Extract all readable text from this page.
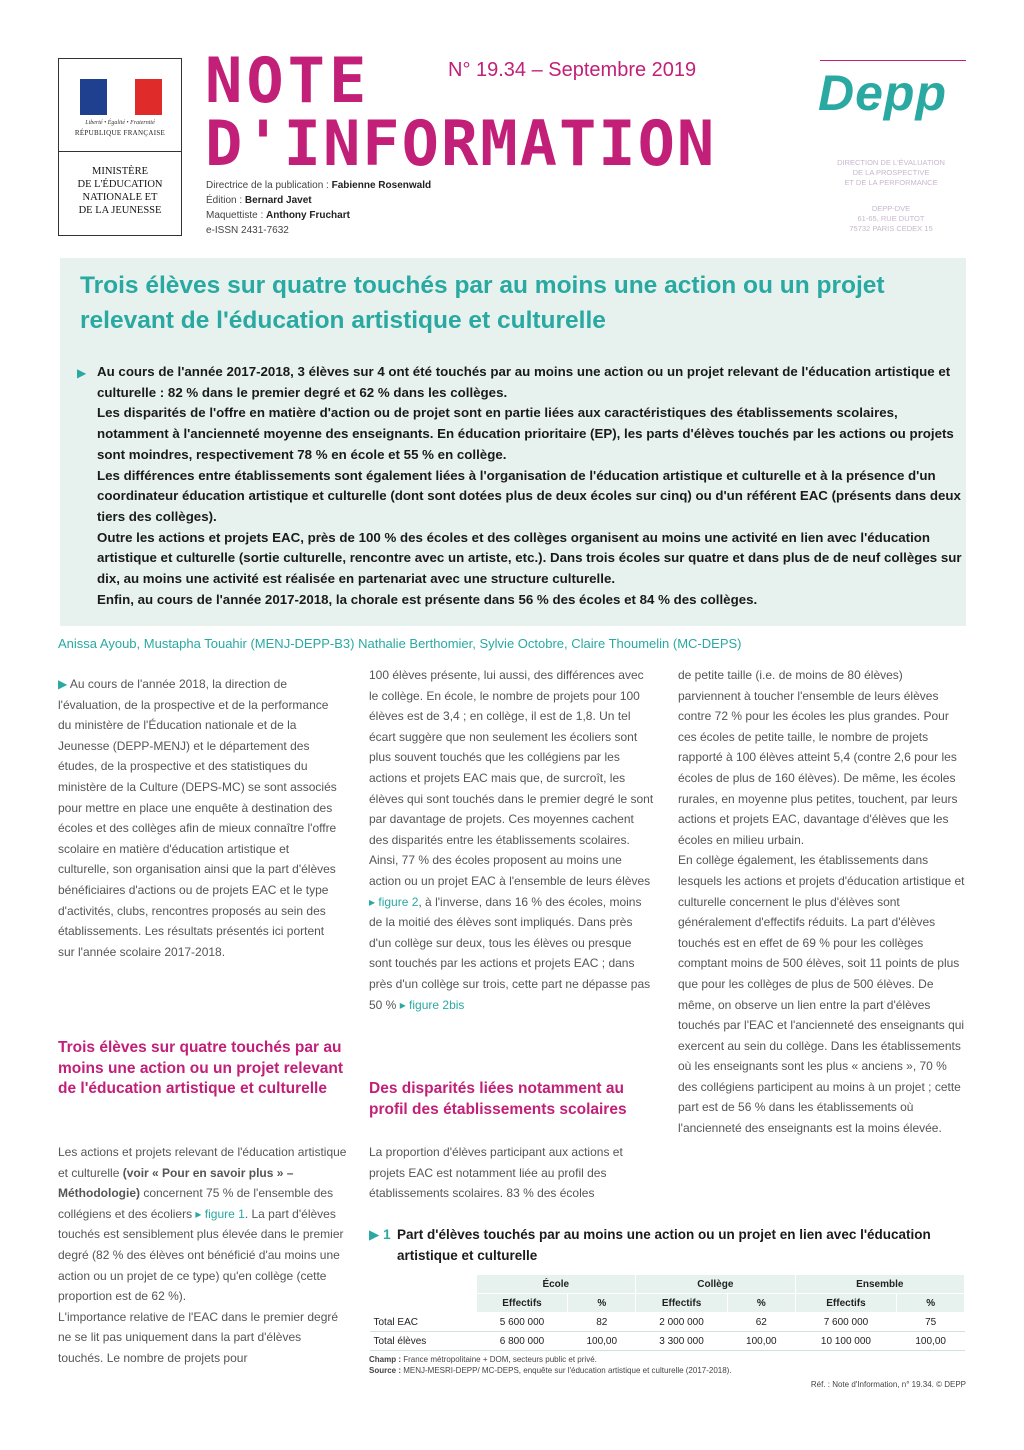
Liberté • Égalité • Fraternité
RÉPUBLIQUE FRANÇAISE
MINISTÈRE
DE L'ÉDUCATION
NATIONALE ET
DE LA JEUNESSE
NOTE
D'INFORMATION
N° 19.34 – Septembre 2019
Directrice de la publication : Fabienne Rosenwald
Édition : Bernard Javet
Maquettiste : Anthony Fruchart
e-ISSN 2431-7632
Depp
DIRECTION DE L'ÉVALUATION
DE LA PROSPECTIVE
ET DE LA PERFORMANCE
DEPP-DVE
61-65, RUE DUTOT
75732 PARIS CEDEX 15
Trois élèves sur quatre touchés par au moins une action ou un projet relevant de l'éducation artistique et culturelle
▶ Au cours de l'année 2017-2018, 3 élèves sur 4 ont été touchés par au moins une action ou un projet relevant de l'éducation artistique et culturelle : 82 % dans le premier degré et 62 % dans les collèges.

Les disparités de l'offre en matière d'action ou de projet sont en partie liées aux caractéristiques des établissements scolaires, notamment à l'ancienneté moyenne des enseignants. En éducation prioritaire (EP), les parts d'élèves touchés par les actions ou projets sont moindres, respectivement 78 % en école et 55 % en collège.

Les différences entre établissements sont également liées à l'organisation de l'éducation artistique et culturelle et à la présence d'un coordinateur éducation artistique et culturelle (dont sont dotées plus de deux écoles sur cinq) ou d'un référent EAC (présents dans deux tiers des collèges).

Outre les actions et projets EAC, près de 100 % des écoles et des collèges organisent au moins une activité en lien avec l'éducation artistique et culturelle (sortie culturelle, rencontre avec un artiste, etc.). Dans trois écoles sur quatre et dans plus de de neuf collèges sur dix, au moins une activité est réalisée en partenariat avec une structure culturelle.

Enfin, au cours de l'année 2017-2018, la chorale est présente dans 56 % des écoles et 84 % des collèges.

Anissa Ayoub, Mustapha Touahir (MENJ-DEPP-B3) Nathalie Berthomier, Sylvie Octobre, Claire Thoumelin (MC-DEPS)

▶ Au cours de l'année 2018, la direction de l'évaluation, de la prospective et de la performance du ministère de l'Éducation nationale et de la Jeunesse (DEPP-MENJ) et le département des études, de la prospective et des statistiques du ministère de la Culture (DEPS-MC) se sont associés pour mettre en place une enquête à destination des écoles et des collèges afin de mieux connaître l'offre scolaire en matière d'éducation artistique et culturelle, son organisation ainsi que la part d'élèves bénéficiaires d'actions ou de projets EAC et le type d'activités, clubs, rencontres proposés au sein des établissements. Les résultats présentés ici portent sur l'année scolaire 2017-2018.

Trois élèves sur quatre touchés par au moins une action ou un projet relevant de l'éducation artistique et culturelle

Les actions et projets relevant de l'éducation artistique et culturelle (voir « Pour en savoir plus » – Méthodologie) concernent 75 % de l'ensemble des collégiens et des écoliers ▸ figure 1. La part d'élèves touchés est sensiblement plus élevée dans le premier degré (82 % des élèves ont bénéficié d'au moins une action ou un projet de ce type) qu'en collège (cette proportion est de 62 %).

L'importance relative de l'EAC dans le premier degré ne se lit pas uniquement dans la part d'élèves touchés. Le nombre de projets pour

100 élèves présente, lui aussi, des différences avec le collège. En école, le nombre de projets pour 100 élèves est de 3,4 ; en collège, il est de 1,8. Un tel écart suggère que non seulement les écoliers sont plus souvent touchés que les collégiens par les actions et projets EAC mais que, de surcroît, les élèves qui sont touchés dans le premier degré le sont par davantage de projets. Ces moyennes cachent des disparités entre les établissements scolaires. Ainsi, 77 % des écoles proposent au moins une action ou un projet EAC à l'ensemble de leurs élèves ▸ figure 2, à l'inverse, dans 16 % des écoles, moins de la moitié des élèves sont impliqués. Dans près d'un collège sur deux, tous les élèves ou presque sont touchés par les actions et projets EAC ; dans près d'un collège sur trois, cette part ne dépasse pas 50 % ▸ figure 2bis

Des disparités liées notamment au profil des établissements scolaires

La proportion d'élèves participant aux actions et projets EAC est notamment liée au profil des établissements scolaires. 83 % des écoles

de petite taille (i.e. de moins de 80 élèves) parviennent à toucher l'ensemble de leurs élèves contre 72 % pour les écoles les plus grandes. Pour ces écoles de petite taille, le nombre de projets rapporté à 100 élèves atteint 5,4 (contre 2,6 pour les écoles de plus de 160 élèves). De même, les écoles rurales, en moyenne plus petites, touchent, par leurs actions et projets EAC, davantage d'élèves que les écoles en milieu urbain.

En collège également, les établissements dans lesquels les actions et projets d'éducation artistique et culturelle concernent le plus d'élèves sont généralement d'effectifs réduits. La part d'élèves touchés est en effet de 69 % pour les collèges comptant moins de 500 élèves, soit 11 points de plus que pour les collèges de plus de 500 élèves. De même, on observe un lien entre la part d'élèves touchés par l'EAC et l'ancienneté des enseignants qui exercent au sein du collège. Dans les établissements où les enseignants sont les plus « anciens », 70 % des collégiens participent au moins à un projet ; cette part est de 56 % dans les établissements où l'ancienneté des enseignants est la moins élevée.

▶ 1 Part d'élèves touchés par au moins une action ou un projet en lien avec l'éducation artistique et culturelle
	École		Collège		Ensemble	
	Effectifs	%	Effectifs	%	Effectifs	%
Total EAC	5 600 000	82	2 000 000	62	7 600 000	75
Total élèves	6 800 000	100,00	3 300 000	100,00	10 100 000	100,00
Champ : France métropolitaine + DOM, secteurs public et privé.
Source : MENJ-MESRI-DEPP/ MC-DEPS, enquête sur l'éducation artistique et culturelle (2017-2018).
Réf. : Note d'Information, n° 19.34. © DEPP
